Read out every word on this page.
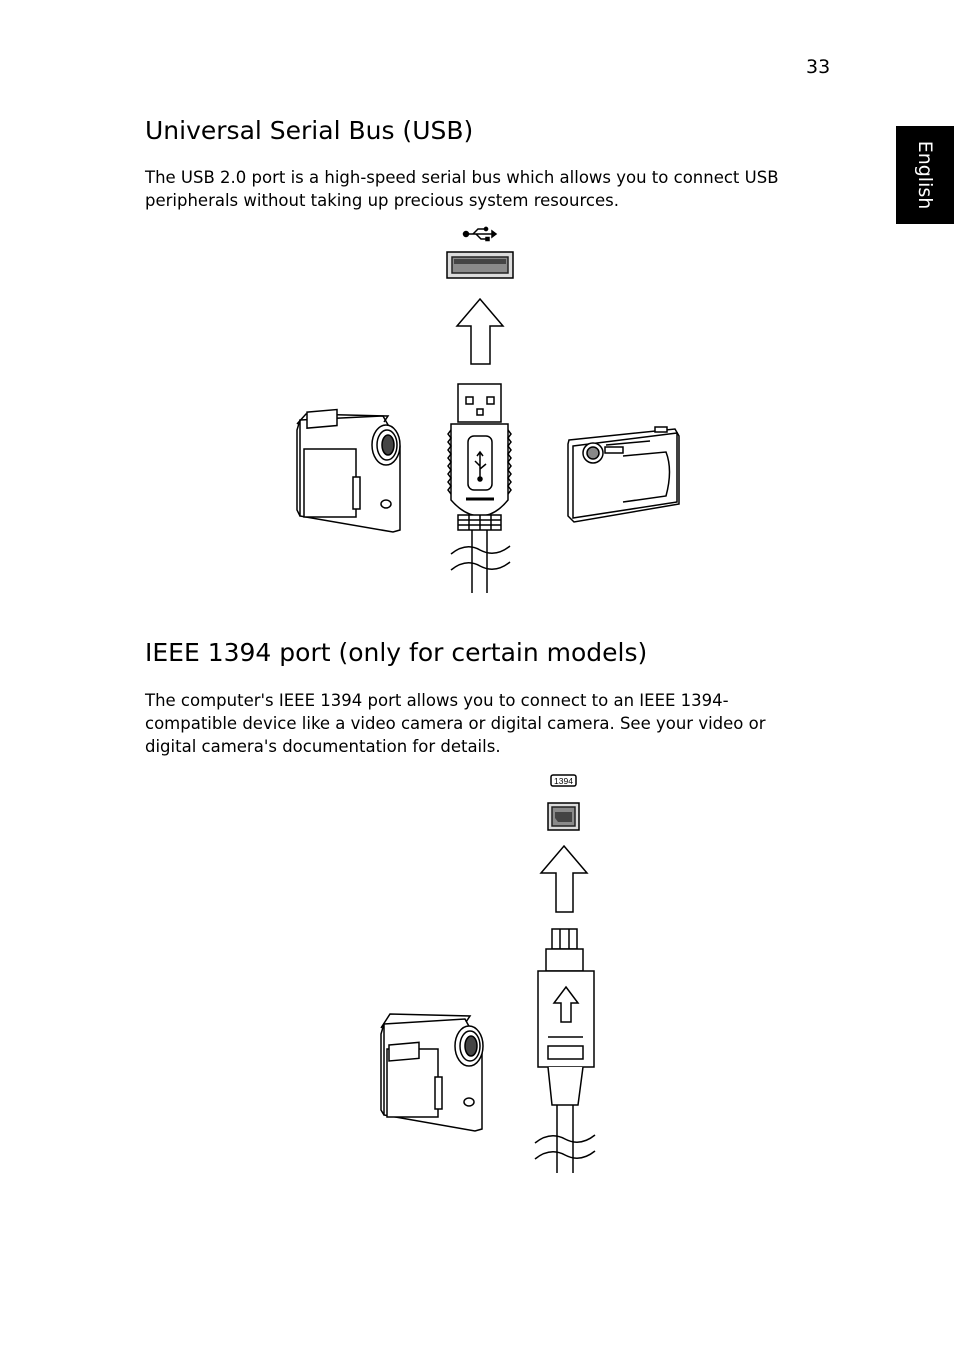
33
English
Universal Serial Bus (USB)

The USB 2.0 port is a high-speed serial bus which allows you to connect USB peripherals without taking up precious system resources.

IEEE 1394 port (only for certain models)

The computer's IEEE 1394 port allows you to connect to an IEEE 1394-compatible device like a video camera or digital camera. See your video or digital camera's documentation for details.

1394
